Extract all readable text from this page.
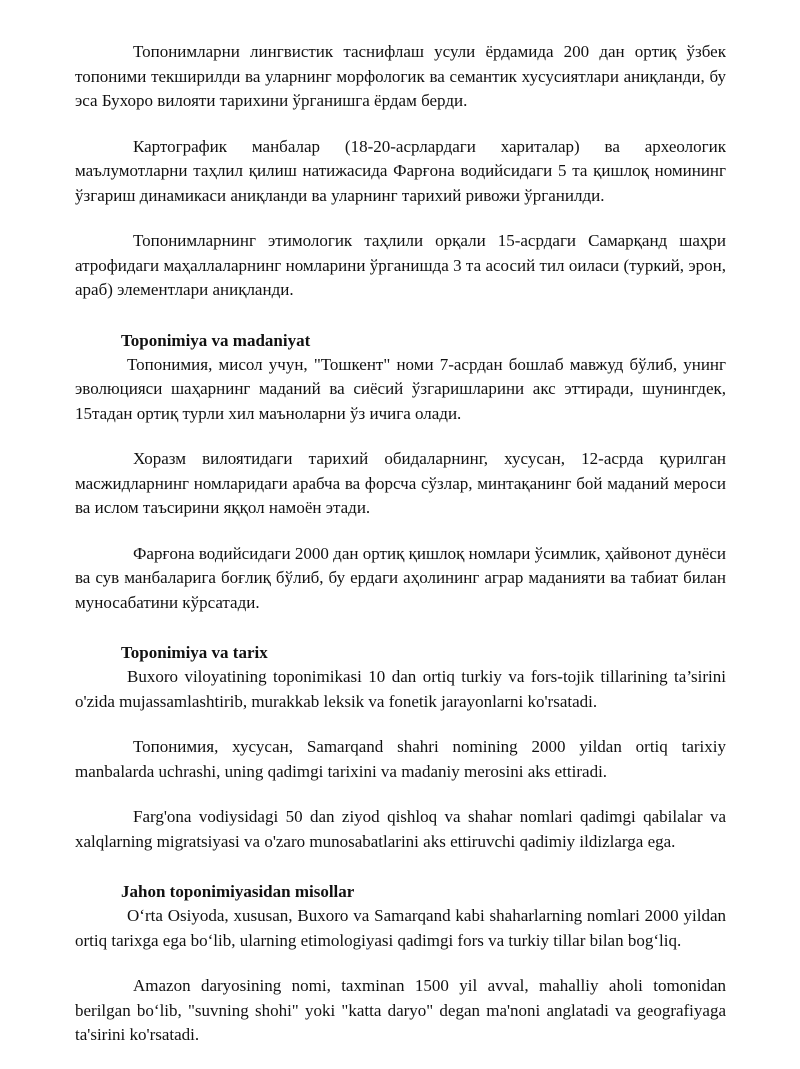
Топонимларни лингвистик таснифлаш усули ёрдамида 200 дан ортиқ ўзбек топоними текширилди ва уларнинг морфологик ва семантик хусусиятлари аниқланди, бу эса Бухоро вилояти тарихини ўрганишга ёрдам берди.

Картографик манбалар (18-20-асрлардаги хариталар) ва археологик маълумотларни таҳлил қилиш натижасида Фарғона водийсидаги 5 та қишлоқ номининг ўзгариш динамикаси аниқланди ва уларнинг тарихий ривожи ўрганилди.

Топонимларнинг этимологик таҳлили орқали 15-асрдаги Самарқанд шаҳри атрофидаги маҳаллаларнинг номларини ўрганишда 3 та асосий тил оиласи (туркий, эрон, араб) элементлари аниқланди.

Toponimiya va madaniyat

Топонимия, мисол учун, "Тошкент" номи 7-асрдан бошлаб мавжуд бўлиб, унинг эволюцияси шаҳарнинг маданий ва сиёсий ўзгаришларини акс эттиради, шунингдек, 15тадан ортиқ турли хил маъноларни ўз ичига олади.

Хоразм вилоятидаги тарихий обидаларнинг, хусусан, 12-асрда қурилган масжидларнинг номларидаги арабча ва форсча сўзлар, минтақанинг бой маданий мероси ва ислом таъсирини яққол намоён этади.

Фарғона водийсидаги 2000 дан ортиқ қишлоқ номлари ўсимлик, ҳайвонот дунёси ва сув манбаларига боғлиқ бўлиб, бу ердаги аҳолининг аграр маданияти ва табиат билан муносабатини кўрсатади.

Toponimiya va tarix

Buxoro viloyatining toponimikasi 10 dan ortiq turkiy va fors-tojik tillarining ta’sirini o'zida mujassamlashtirib, murakkab leksik va fonetik jarayonlarni ko'rsatadi.

Топонимия, хусусан, Samarqand shahri nomining 2000 yildan ortiq tarixiy manbalarda uchrashi, uning qadimgi tarixini va madaniy merosini aks ettiradi.

Farg'ona vodiysidagi 50 dan ziyod qishloq va shahar nomlari qadimgi qabilalar va xalqlarning migratsiyasi va o'zaro munosabatlarini aks ettiruvchi qadimiy ildizlarga ega.

Jahon toponimiyasidan misollar

O‘rta Osiyoda, xususan, Buxoro va Samarqand kabi shaharlarning nomlari 2000 yildan ortiq tarixga ega bo‘lib, ularning etimologiyasi qadimgi fors va turkiy tillar bilan bog‘liq.

Amazon daryosining nomi, taxminan 1500 yil avval, mahalliy aholi tomonidan berilgan bo‘lib, "suvning shohi" yoki "katta daryo" degan ma'noni anglatadi va geografiyaga ta'sirini ko'rsatadi.
